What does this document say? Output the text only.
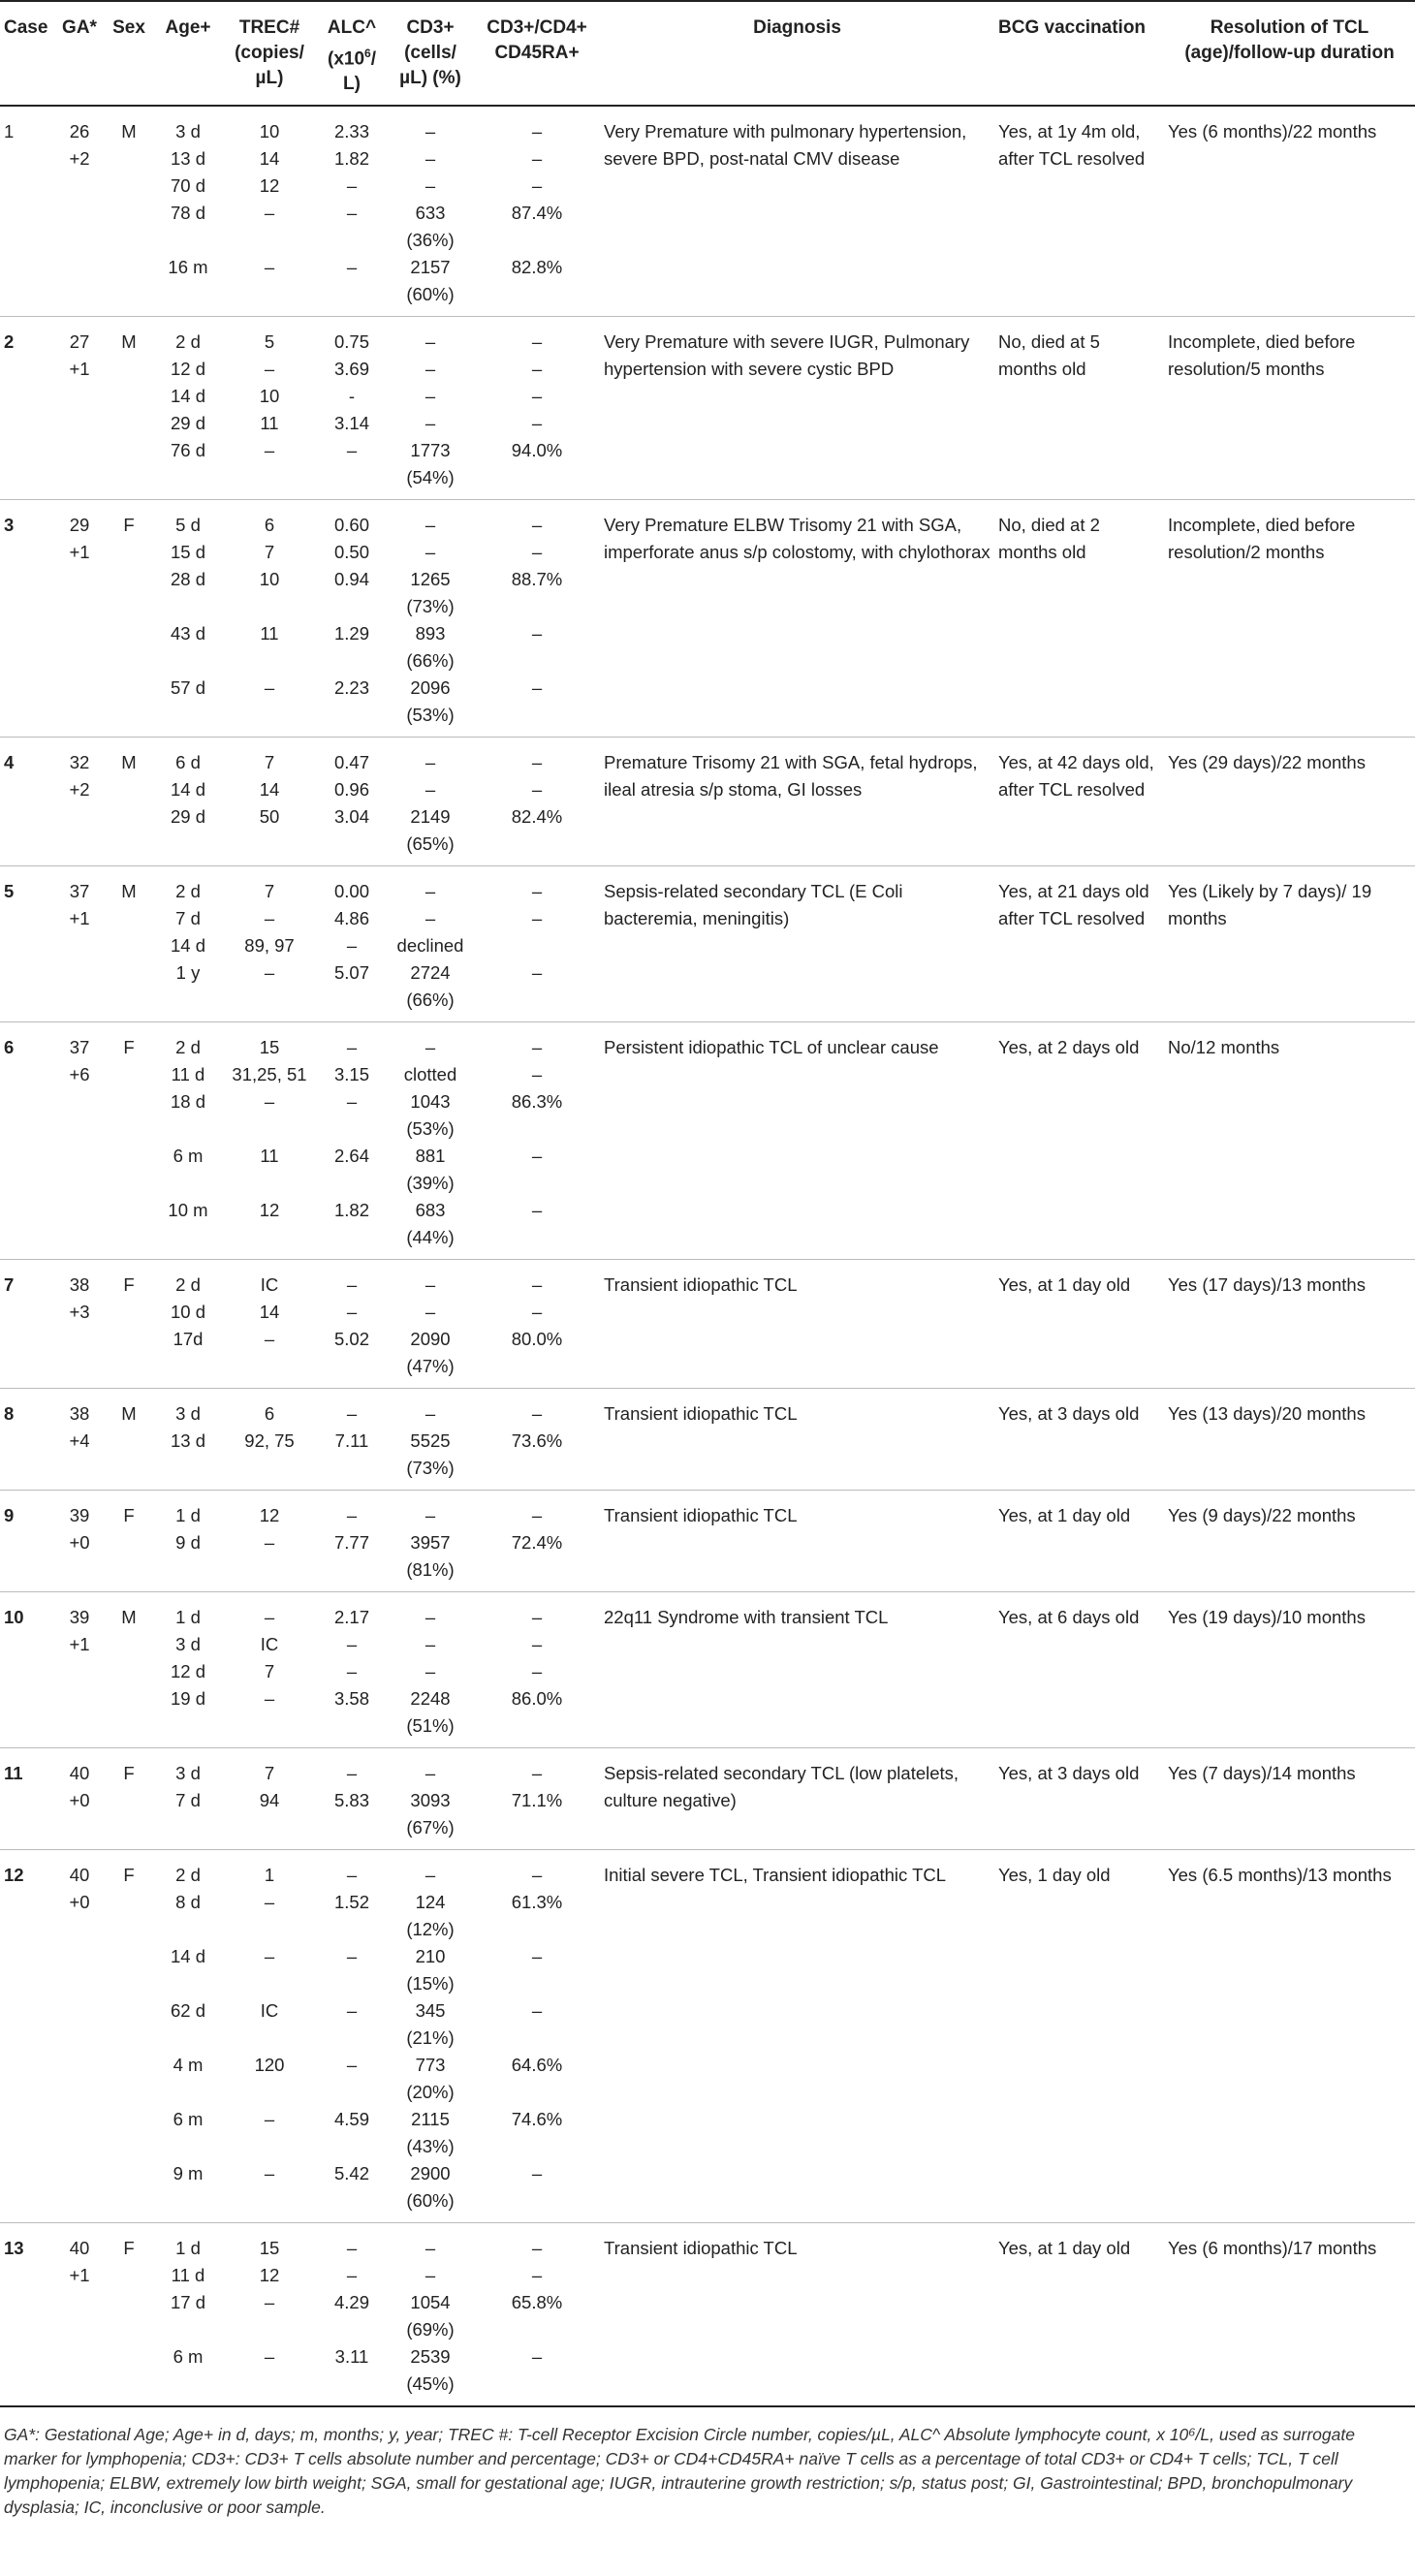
Case	GA*	Sex	Age+	TREC# (copies/ µL)	ALC^ ($x10^6/$ L)	CD3+ (cells/µL) (%)	CD3+/CD4+ CD45RA+	Diagnosis	BCG vaccination	Resolution of TCL (age)/follow-up duration
1	26 +2	M	3 d	10	2.33	–	–	Very Premature with pulmonary hypertension, severe BPD, post-natal CMV disease	Yes, at 1y 4m old, after TCL resolved	Yes (6 months)/22 months
			13 d	14	1.82	–	–			
			70 d	12	–	–	–			
			78 d	–	–	633 (36%)	87.4%			
			16 m	–	–	2157 (60%)	82.8%			
2	27 +1	M	2 d	5	0.75	–	–	Very Premature with severe IUGR, Pulmonary hypertension with severe cystic BPD	No, died at 5 months old	Incomplete, died before resolution/5 months
			12 d	–	3.69	–	–			
			14 d	10	-	–	–			
			29 d	11	3.14	–	–			
			76 d	–	–	1773 (54%)	94.0%			
3	29 +1	F	5 d	6	0.60	–	–	Very Premature ELBW Trisomy 21 with SGA, imperforate anus s/p colostomy, with chylothorax	No, died at 2 months old	Incomplete, died before resolution/2 months
			15 d	7	0.50	–	–			
			28 d	10	0.94	1265 (73%)	88.7%			
			43 d	11	1.29	893 (66%)	–			
			57 d	–	2.23	2096 (53%)	–			
4	32 +2	M	6 d	7	0.47	–	–	Premature Trisomy 21 with SGA, fetal hydrops, ileal atresia s/p stoma, GI losses	Yes, at 42 days old, after TCL resolved	Yes (29 days)/22 months
			14 d	14	0.96	–	–			
			29 d	50	3.04	2149 (65%)	82.4%			
5	37 +1	M	2 d	7	0.00	–	–	Sepsis-related secondary TCL (E Coli bacteremia, meningitis)	Yes, at 21 days old after TCL resolved	Yes (Likely by 7 days)/ 19 months
			7 d	–	4.86	–	–			
			14 d	89, 97	–	declined				
			1 y	–	5.07	2724 (66%)	–			
6	37 +6	F	2 d	15	–	–	–	Persistent idiopathic TCL of unclear cause	Yes, at 2 days old	No/12 months
			11 d	31,25, 51	3.15	clotted	–			
			18 d	–	–	1043 (53%)	86.3%			
			6 m	11	2.64	881 (39%)	–			
			10 m	12	1.82	683 (44%)	–			
7	38 +3	F	2 d	IC	–	–	–	Transient idiopathic TCL	Yes, at 1 day old	Yes (17 days)/13 months
			10 d	14	–	–	–			
			17d	–	5.02	2090 (47%)	80.0%			
8	38 +4	M	3 d	6	–	–	–	Transient idiopathic TCL	Yes, at 3 days old	Yes (13 days)/20 months
			13 d	92, 75	7.11	5525 (73%)	73.6%			
9	39 +0	F	1 d	12	–	–	–	Transient idiopathic TCL	Yes, at 1 day old	Yes (9 days)/22 months
			9 d	–	7.77	3957 (81%)	72.4%			
10	39 +1	M	1 d	–	2.17	–	–	22q11 Syndrome with transient TCL	Yes, at 6 days old	Yes (19 days)/10 months
			3 d	IC	–	–	–			
			12 d	7	–	–	–			
			19 d	–	3.58	2248 (51%)	86.0%			
11	40 +0	F	3 d	7	–	–	–	Sepsis-related secondary TCL (low platelets, culture negative)	Yes, at 3 days old	Yes (7 days)/14 months
			7 d	94	5.83	3093 (67%)	71.1%			
12	40 +0	F	2 d	1	–	–	–	Initial severe TCL, Transient idiopathic TCL	Yes, 1 day old	Yes (6.5 months)/13 months
			8 d	–	1.52	124 (12%)	61.3%			
			14 d	–	–	210 (15%)	–			
			62 d	IC	–	345 (21%)	–			
			4 m	120	–	773 (20%)	64.6%			
			6 m	–	4.59	2115 (43%)	74.6%			
			9 m	–	5.42	2900 (60%)	–			
13	40 +1	F	1 d	15	–	–	–	Transient idiopathic TCL	Yes, at 1 day old	Yes (6 months)/17 months
			11 d	12	–	–	–			
			17 d	–	4.29	1054 (69%)	65.8%			
			6 m	–	3.11	2539 (45%)	–			
GA*: Gestational Age; Age+ in d, days; m, months; y, year; TREC #: T-cell Receptor Excision Circle number, copies/µL, ALC^ Absolute lymphocyte count, x 10⁶/L, used as surrogate marker for lymphopenia; CD3+: CD3+ T cells absolute number and percentage; CD3+ or CD4+CD45RA+ naïve T cells as a percentage of total CD3+ or CD4+ T cells; TCL, T cell lymphopenia; ELBW, extremely low birth weight; SGA, small for gestational age; IUGR, intrauterine growth restriction; s/p, status post; GI, Gastrointestinal; BPD, bronchopulmonary dysplasia; IC, inconclusive or poor sample.
